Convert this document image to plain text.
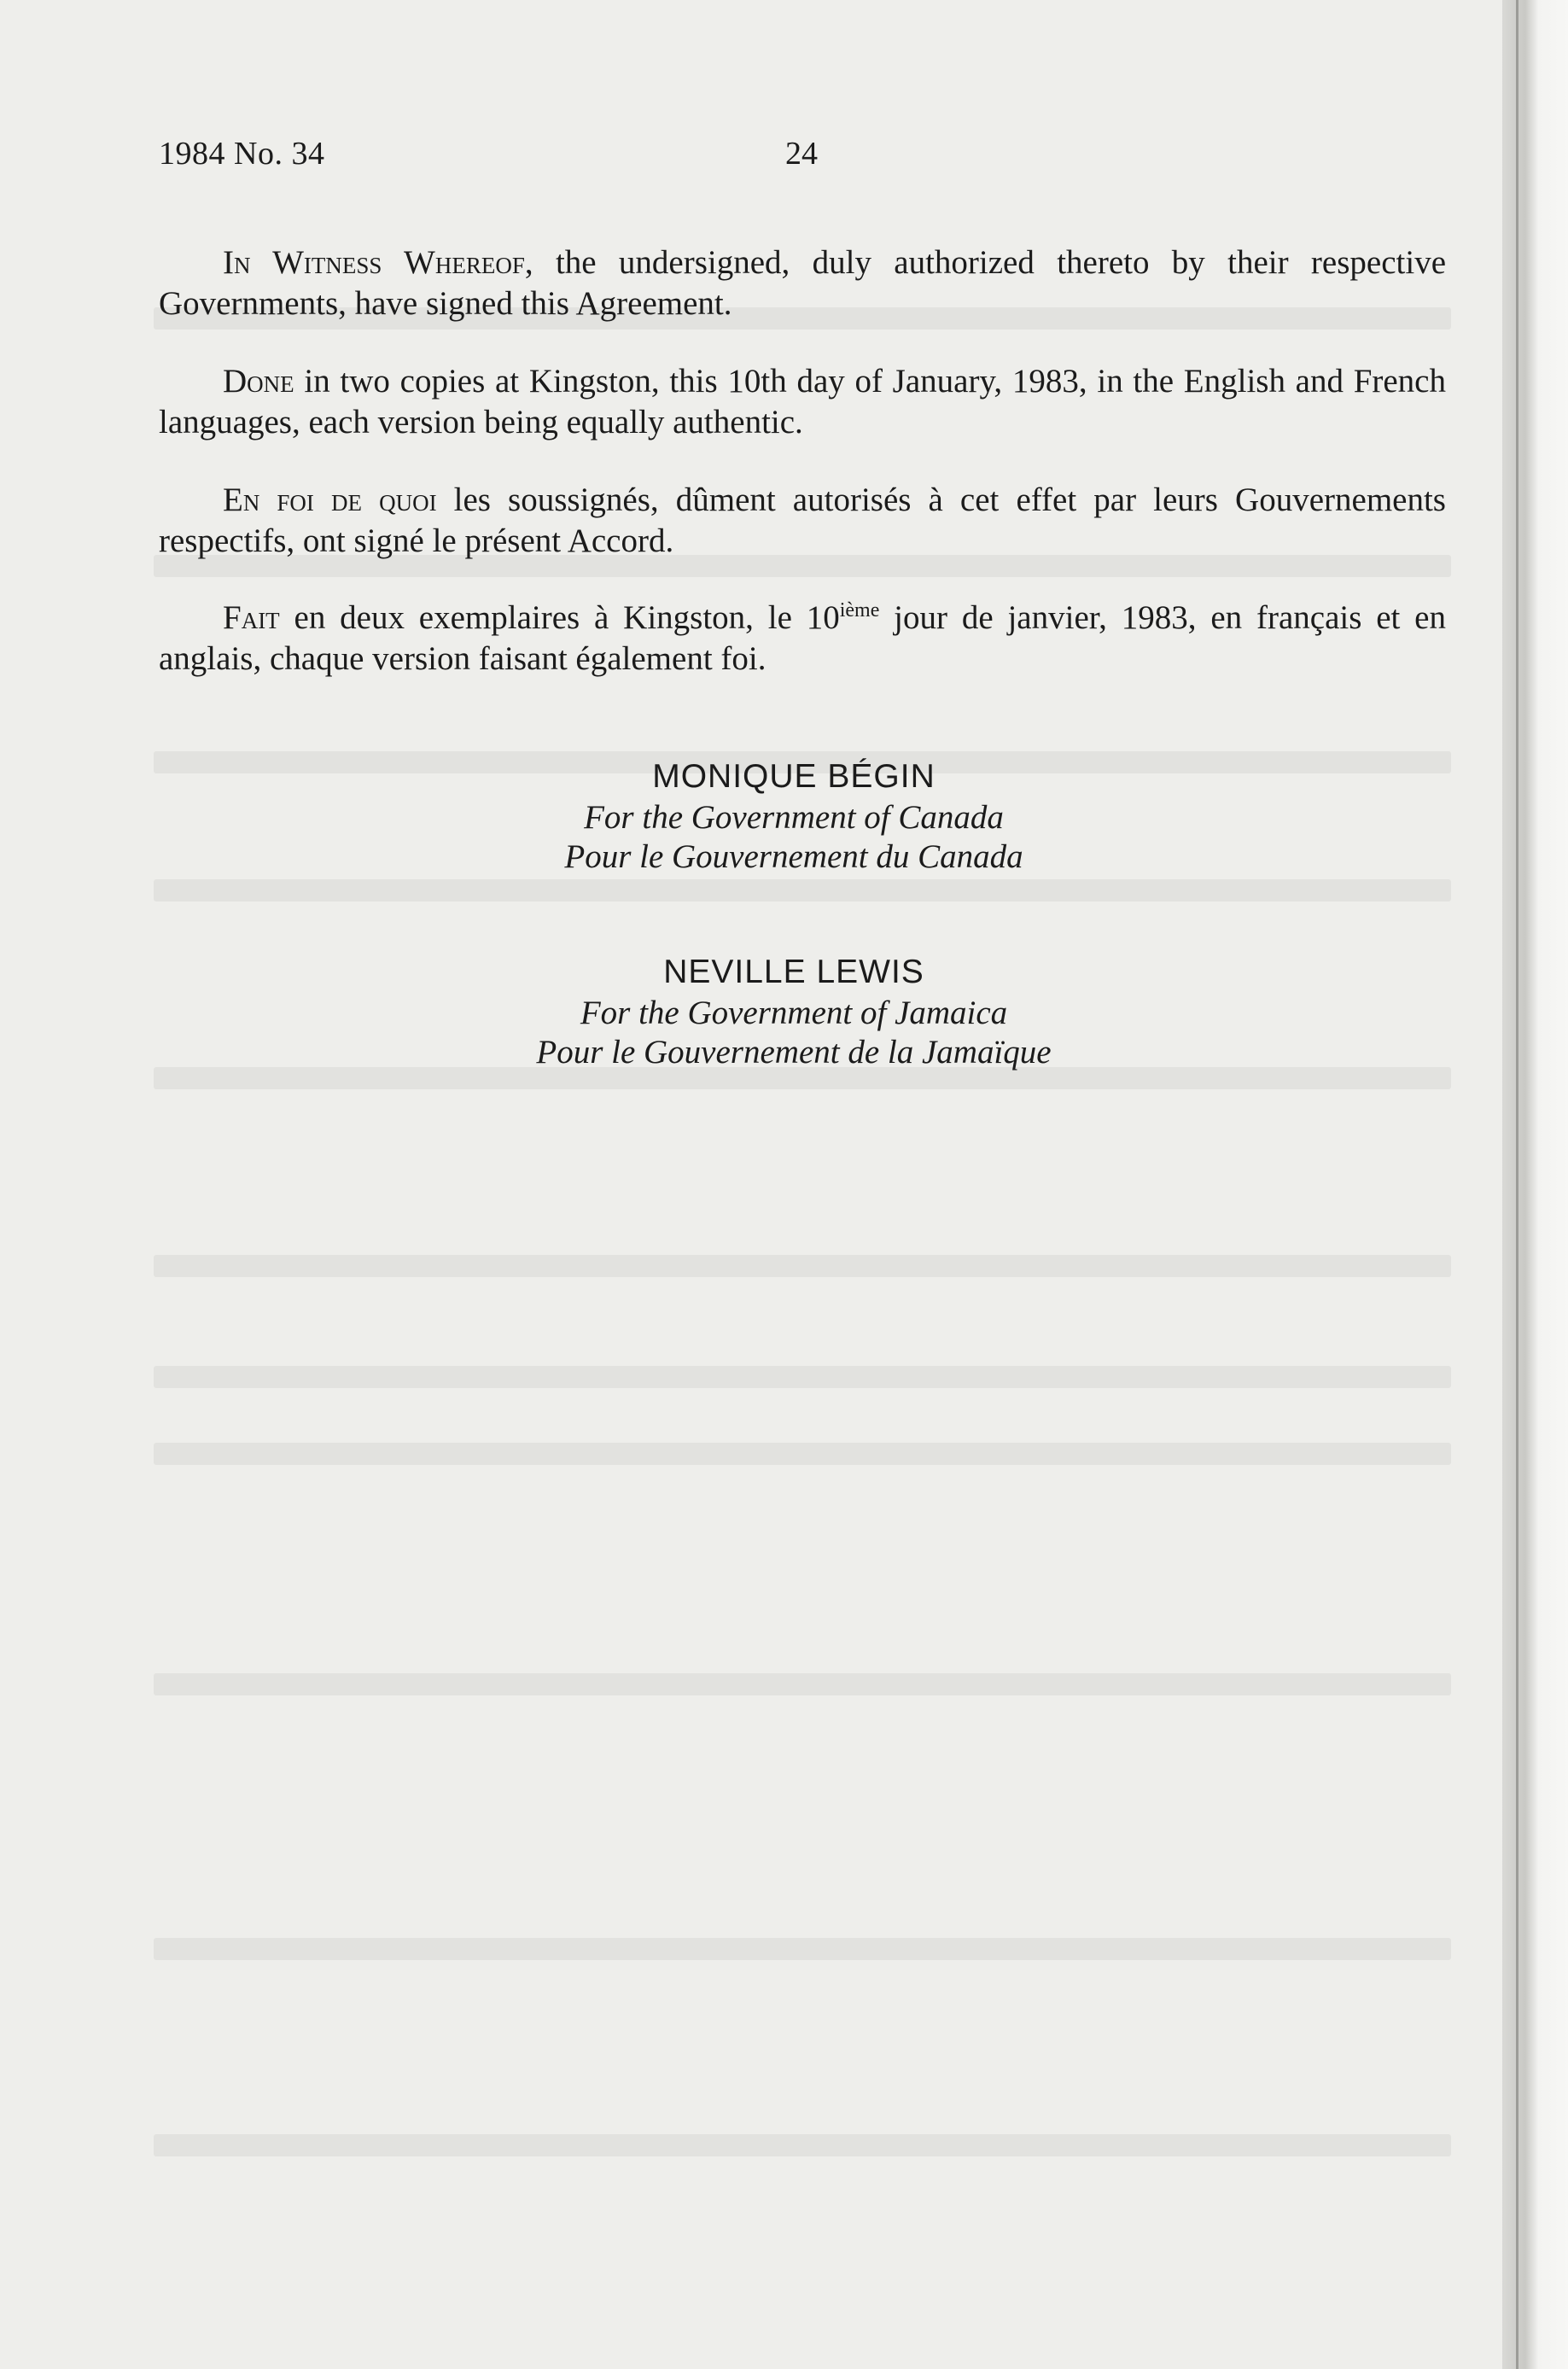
1984 No. 34	24

In Witness Whereof, the undersigned, duly authorized thereto by their respective Governments, have signed this Agreement.

Done in two copies at Kingston, this 10th day of January, 1983, in the English and French languages, each version being equally authentic.

En foi de quoi les soussignés, dûment autorisés à cet effet par leurs Gouvernements respectifs, ont signé le présent Accord.

Fait en deux exemplaires à Kingston, le 10ième jour de janvier, 1983, en français et en anglais, chaque version faisant également foi.

MONIQUE BÉGIN
For the Government of Canada
Pour le Gouvernement du Canada
NEVILLE LEWIS
For the Government of Jamaica
Pour le Gouvernement de la Jamaïque
